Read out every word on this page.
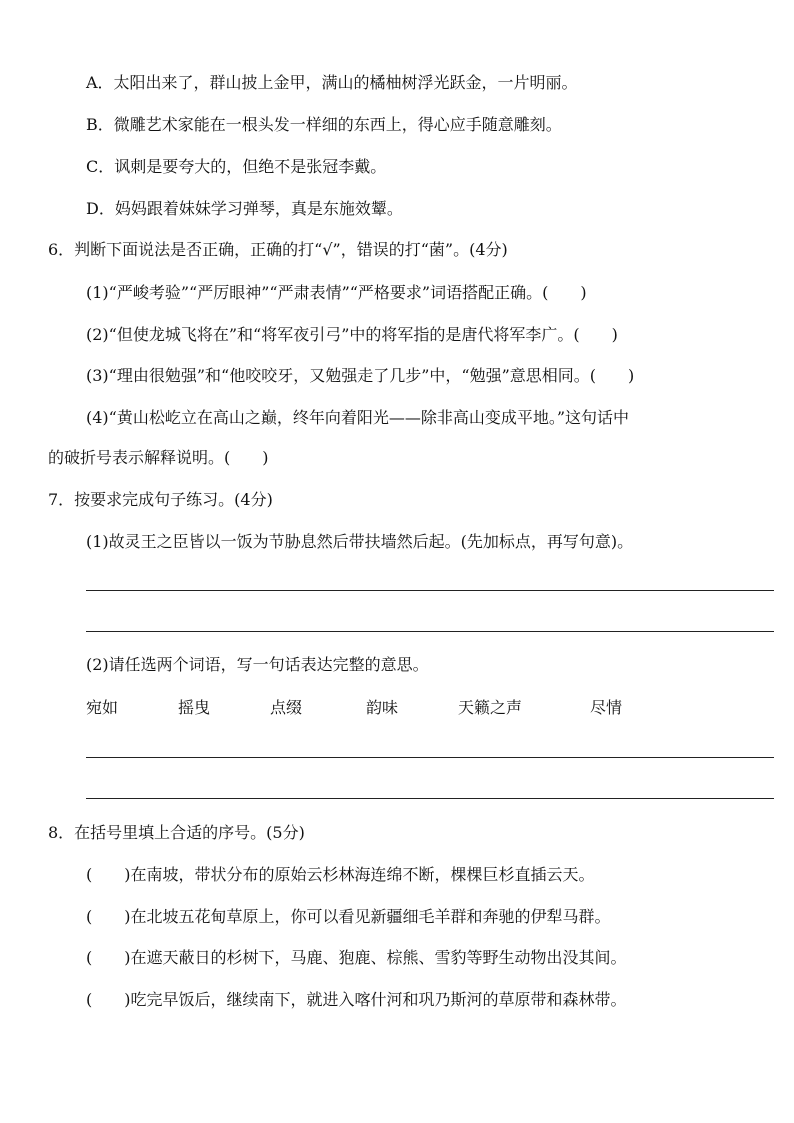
A．太阳出来了，群山披上金甲，满山的橘柚树浮光跃金，一片明丽。
B．微雕艺术家能在一根头发一样细的东西上，得心应手随意雕刻。
C．讽刺是要夸大的，但绝不是张冠李戴。
D．妈妈跟着妹妹学习弹琴，真是东施效颦。
6．判断下面说法是否正确，正确的打“√”，错误的打“菌”。(4分)
(1)“严峻考验”“严厉眼神”“严肃表情”“严格要求”词语搭配正确。(　　)
(2)“但使龙城飞将在”和“将军夜引弓”中的将军指的是唐代将军李广。(　　)
(3)“理由很勉强”和“他咬咬牙，又勉强走了几步”中，“勉强”意思相同。(　　)
(4)“黄山松屹立在高山之巅，终年向着阳光——除非高山变成平地。”这句话中
的破折号表示解释说明。(　　)
7．按要求完成句子练习。(4分)
(1)故灵王之臣皆以一饭为节胁息然后带扶墙然后起。(先加标点，再写句意)。
(2)请任选两个词语，写一句话表达完整的意思。
宛如	摇曳	点缀	韵味	天籁之声	尽情
8．在括号里填上合适的序号。(5分)
(　　)在南坡，带状分布的原始云杉林海连绵不断，棵棵巨杉直插云天。
(　　)在北坡五花甸草原上，你可以看见新疆细毛羊群和奔驰的伊犁马群。
(　　)在遮天蔽日的杉树下，马鹿、狍鹿、棕熊、雪豹等野生动物出没其间。
(　　)吃完早饭后，继续南下，就进入喀什河和巩乃斯河的草原带和森林带。
